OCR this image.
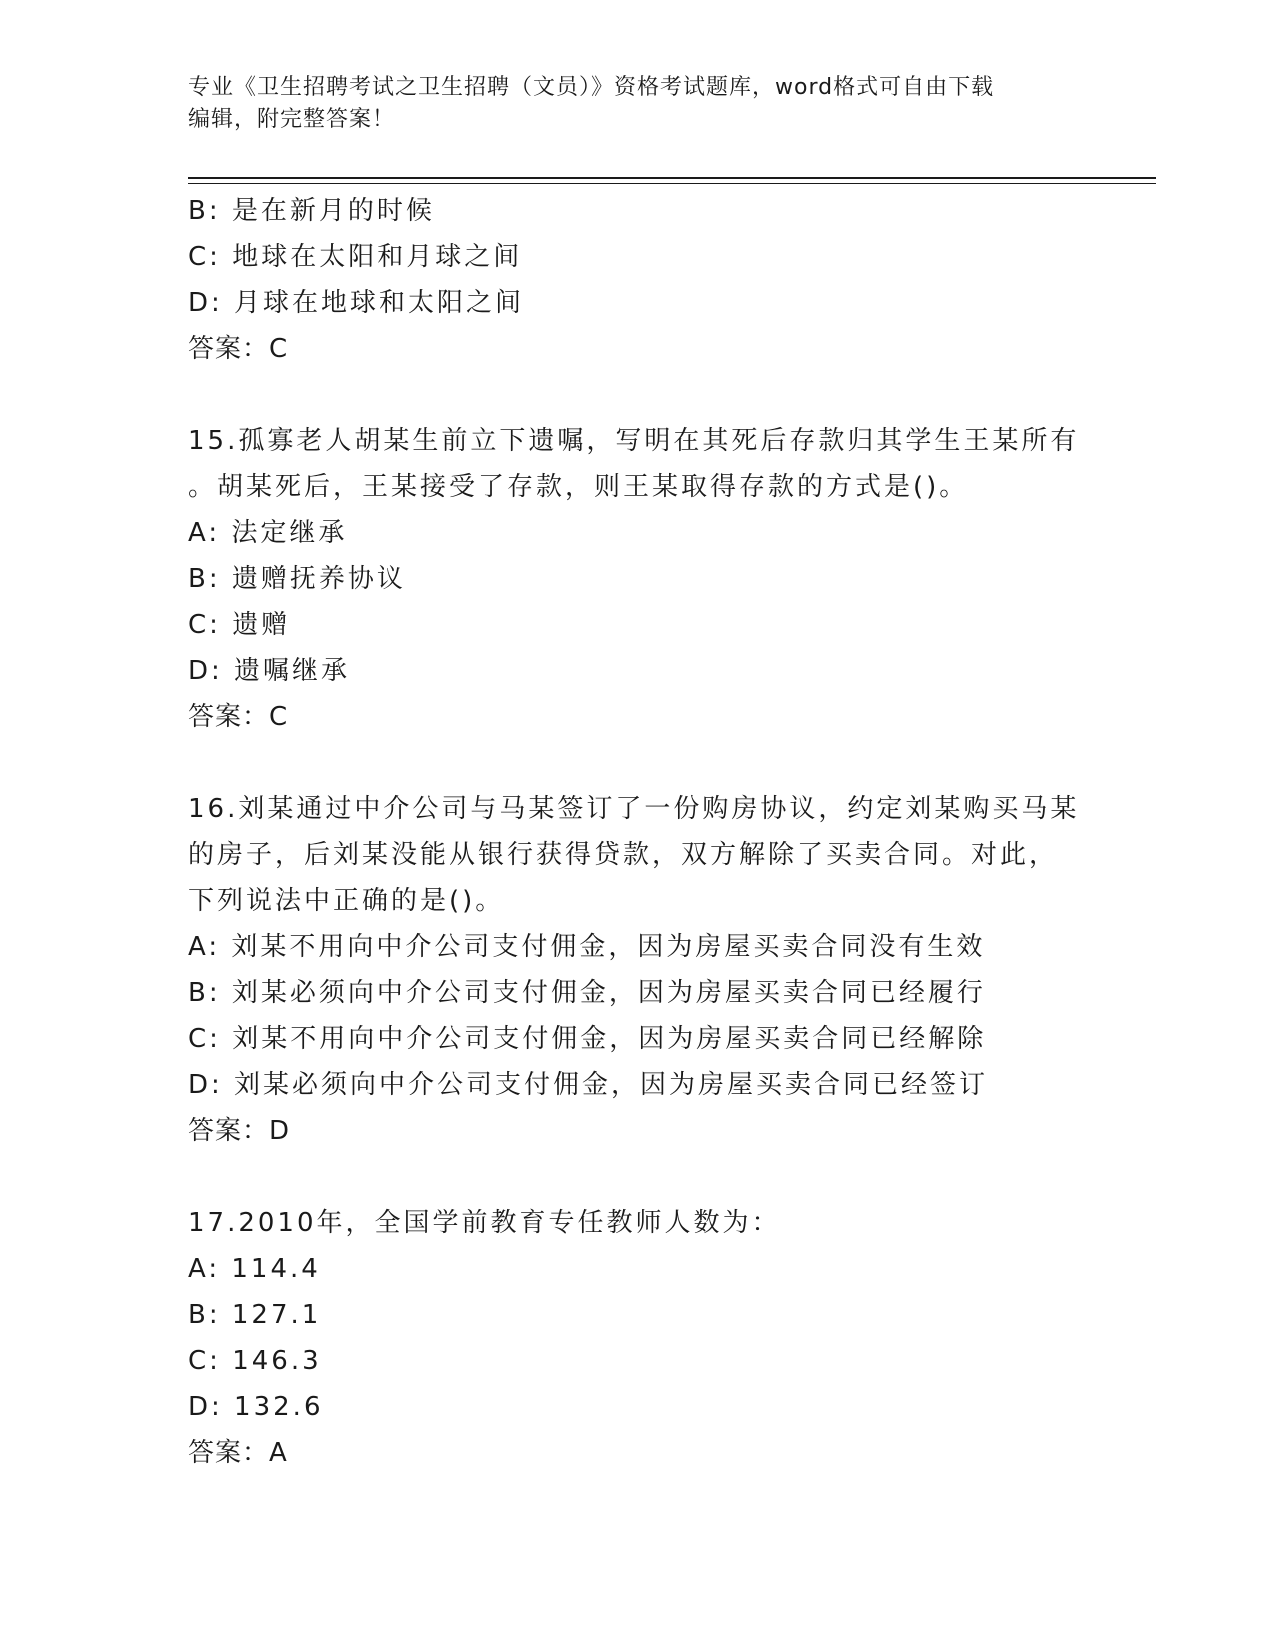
专业《卫生招聘考试之卫生招聘（文员）》资格考试题库，word格式可自由下载
编辑，附完整答案！
B: 是在新月的时候
C: 地球在太阳和月球之间
D: 月球在地球和太阳之间
答案：C
15.孤寡老人胡某生前立下遗嘱，写明在其死后存款归其学生王某所有
。胡某死后，王某接受了存款，则王某取得存款的方式是()。
A: 法定继承
B: 遗赠抚养协议
C: 遗赠
D: 遗嘱继承
答案：C
16.刘某通过中介公司与马某签订了一份购房协议，约定刘某购买马某
的房子，后刘某没能从银行获得贷款，双方解除了买卖合同。对此，
下列说法中正确的是()。
A: 刘某不用向中介公司支付佣金，因为房屋买卖合同没有生效
B: 刘某必须向中介公司支付佣金，因为房屋买卖合同已经履行
C: 刘某不用向中介公司支付佣金，因为房屋买卖合同已经解除
D: 刘某必须向中介公司支付佣金，因为房屋买卖合同已经签订
答案：D
17.2010年，全国学前教育专任教师人数为：
A: 114.4
B: 127.1
C: 146.3
D: 132.6
答案：A
